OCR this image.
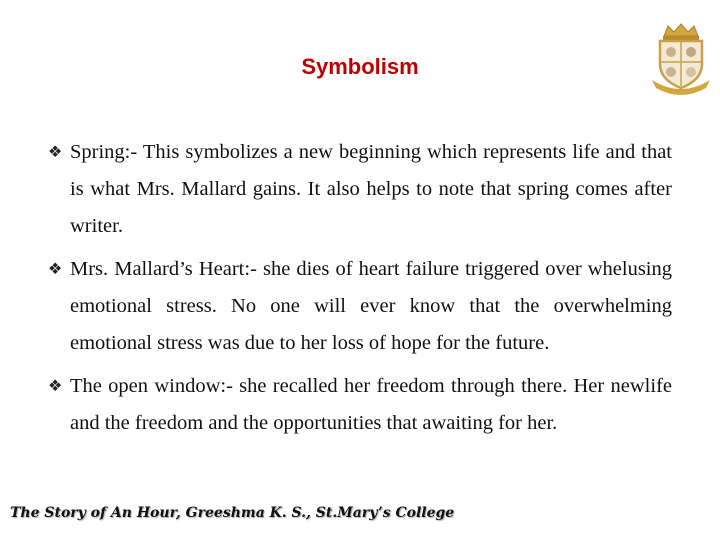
Symbolism
❖ Spring:- This symbolizes a new beginning which represents life and that is what Mrs. Mallard gains. It also helps to note that spring comes after writer.
❖ Mrs. Mallard’s Heart:- she dies of heart failure triggered over whelusing emotional stress. No one will ever know that the overwhelming emotional stress was due to her loss of hope for the future.
❖ The open window:- she recalled her freedom through there. Her newlife and the freedom and the opportunities that awaiting for her.
The Story of An Hour, Greeshma K. S., St.Mary’s College
